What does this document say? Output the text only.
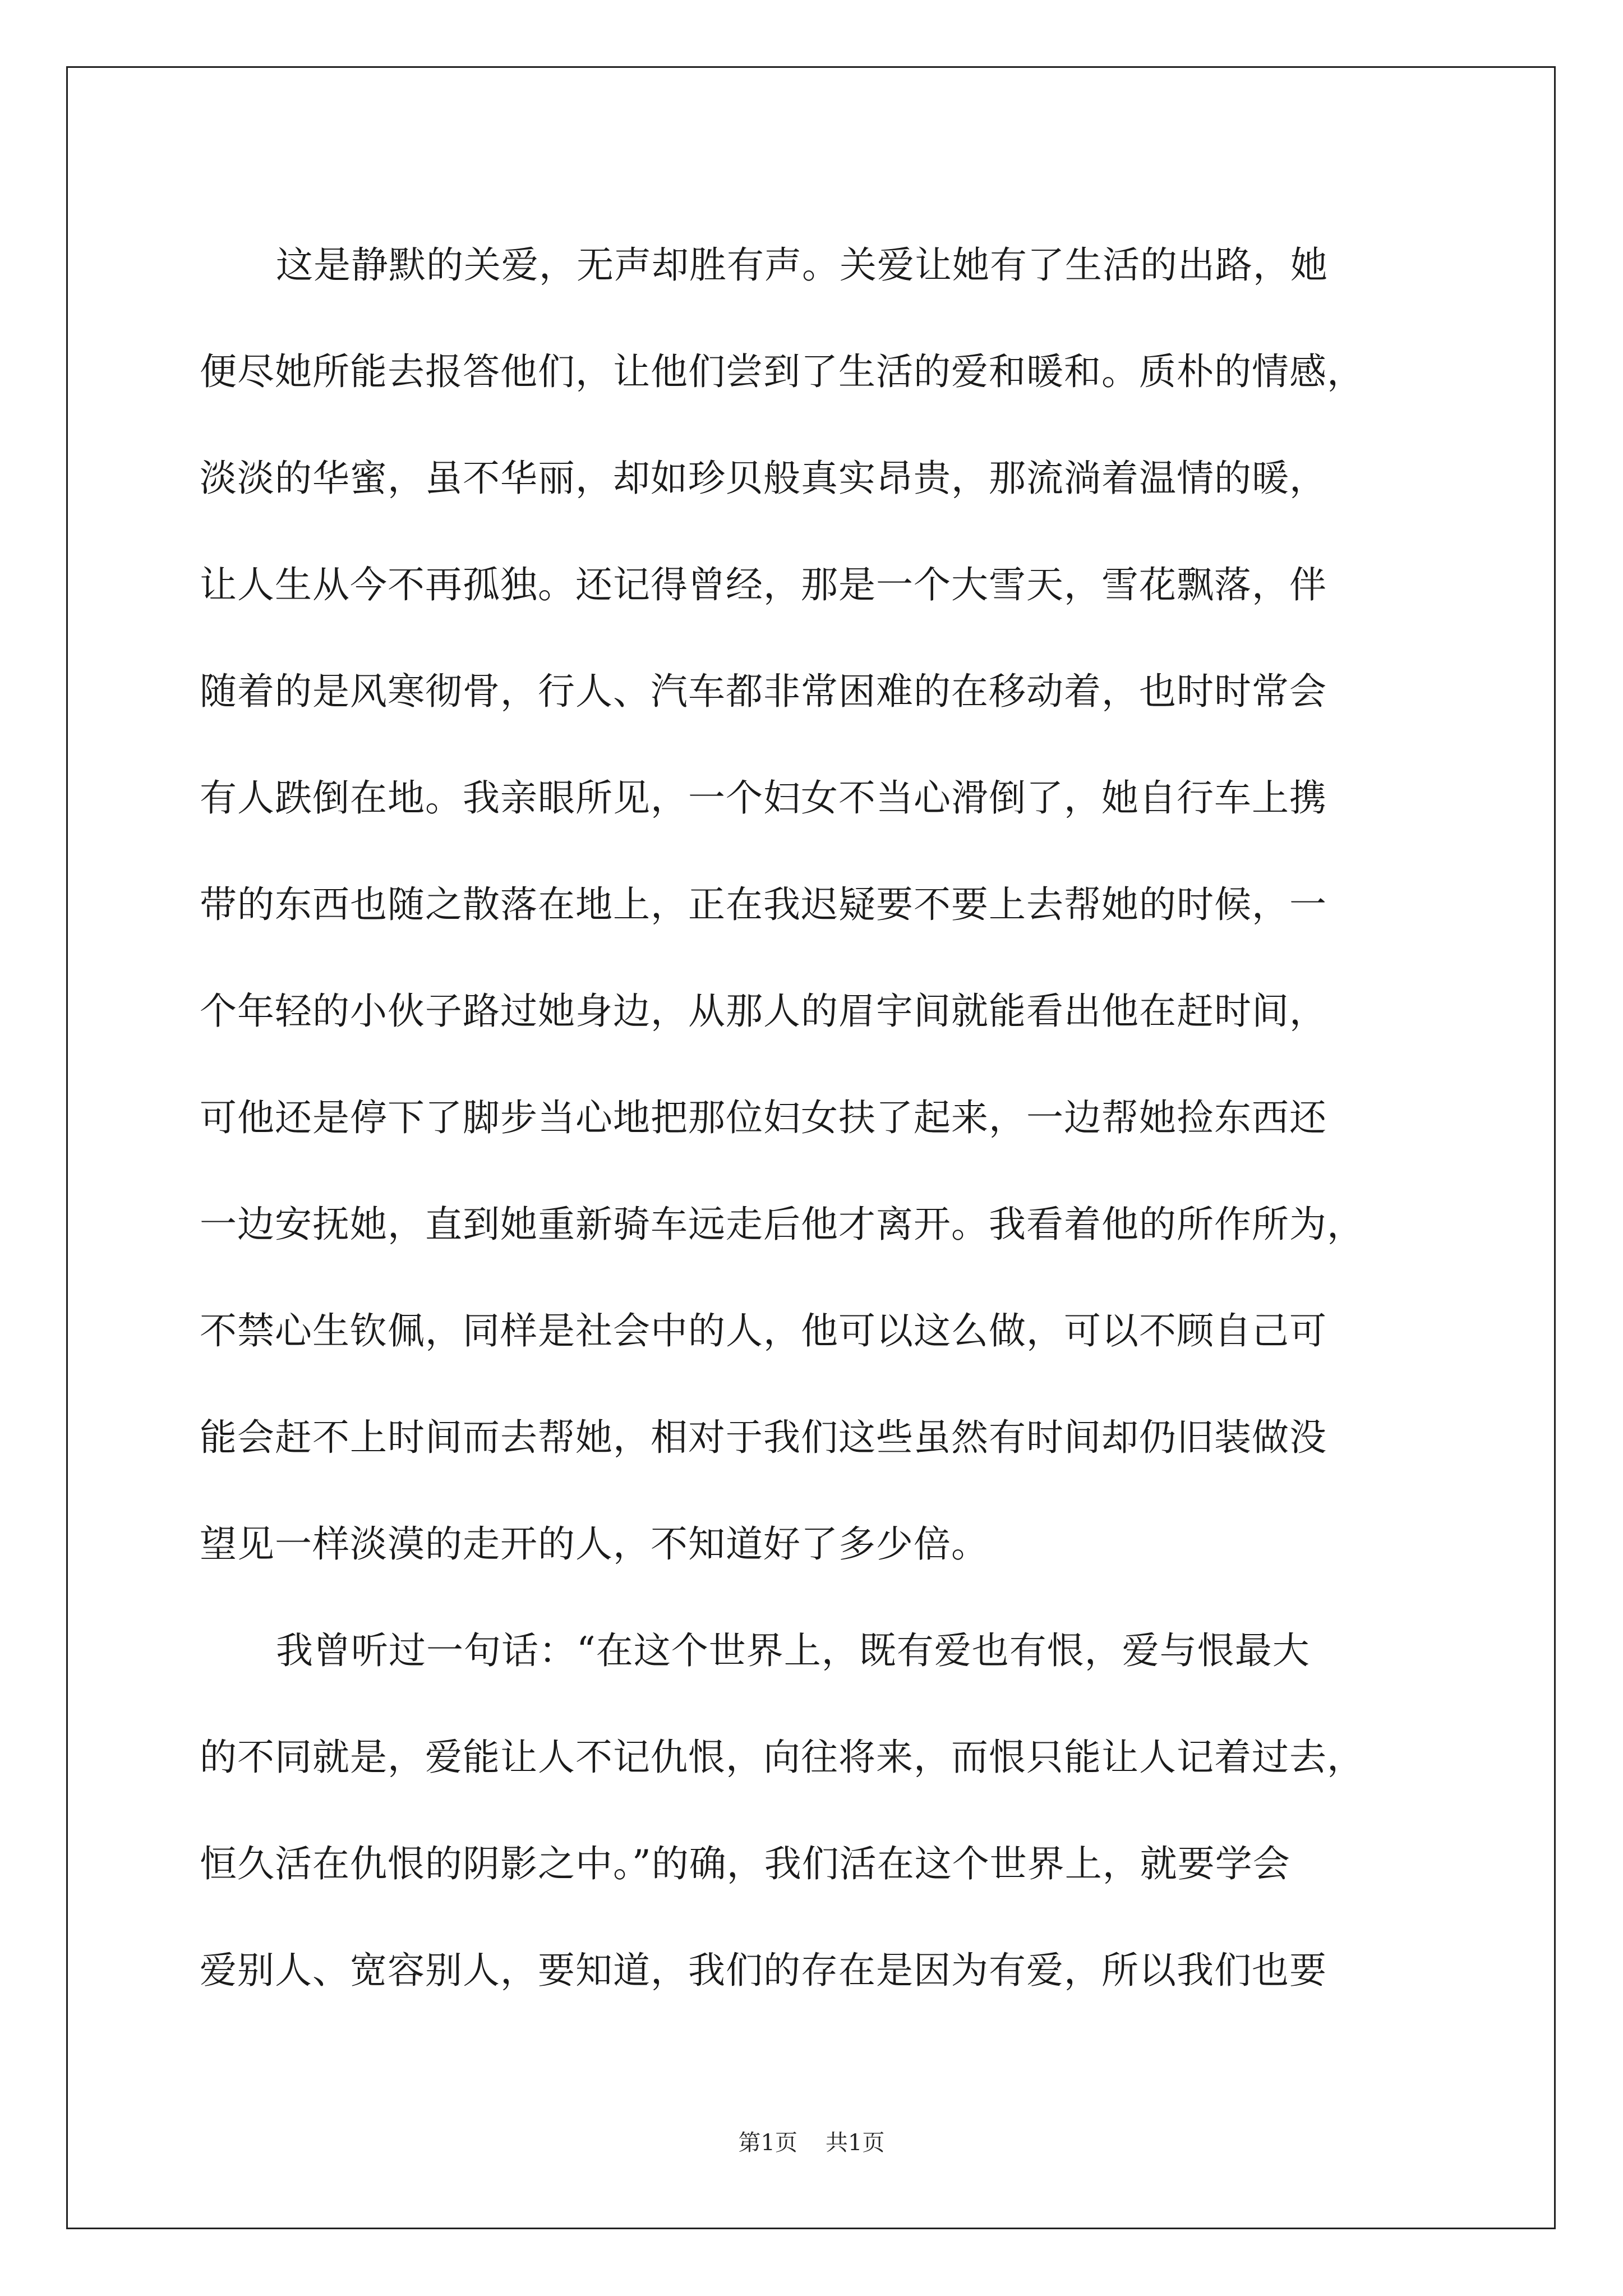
这是静默的关爱，无声却胜有声。关爱让她有了生活的出路，她
便尽她所能去报答他们，让他们尝到了生活的爱和暖和。质朴的情感，
淡淡的华蜜，虽不华丽，却如珍贝般真实昂贵，那流淌着温情的暖，
让人生从今不再孤独。还记得曾经，那是一个大雪天，雪花飘落，伴
随着的是风寒彻骨，行人、汽车都非常困难的在移动着，也时时常会
有人跌倒在地。我亲眼所见，一个妇女不当心滑倒了，她自行车上携
带的东西也随之散落在地上，正在我迟疑要不要上去帮她的时候，一
个年轻的小伙子路过她身边，从那人的眉宇间就能看出他在赶时间，
可他还是停下了脚步当心地把那位妇女扶了起来，一边帮她捡东西还
一边安抚她，直到她重新骑车远走后他才离开。我看着他的所作所为，
不禁心生钦佩，同样是社会中的人，他可以这么做，可以不顾自己可
能会赶不上时间而去帮她，相对于我们这些虽然有时间却仍旧装做没
望见一样淡漠的走开的人，不知道好了多少倍。
我曾听过一句话：“在这个世界上，既有爱也有恨，爱与恨最大
的不同就是，爱能让人不记仇恨，向往将来，而恨只能让人记着过去，
恒久活在仇恨的阴影之中。”的确，我们活在这个世界上，就要学会
爱别人、宽容别人，要知道，我们的存在是因为有爱，所以我们也要
第1页 共1页
